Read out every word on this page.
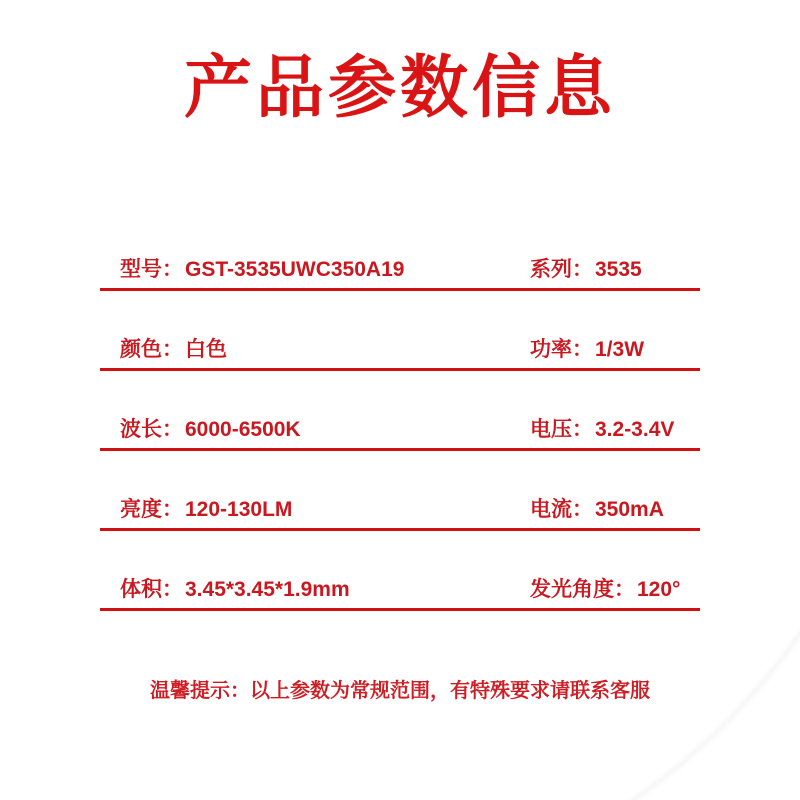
产品参数信息
型号：GST-3535UWC350A19	系列：3535
颜色：白色	功率：1/3W
波长：6000-6500K	电压：3.2-3.4V
亮度：120-130LM	电流：350mA
体积：3.45*3.45*1.9mm	发光角度：120°
温馨提示：以上参数为常规范围，有特殊要求请联系客服
